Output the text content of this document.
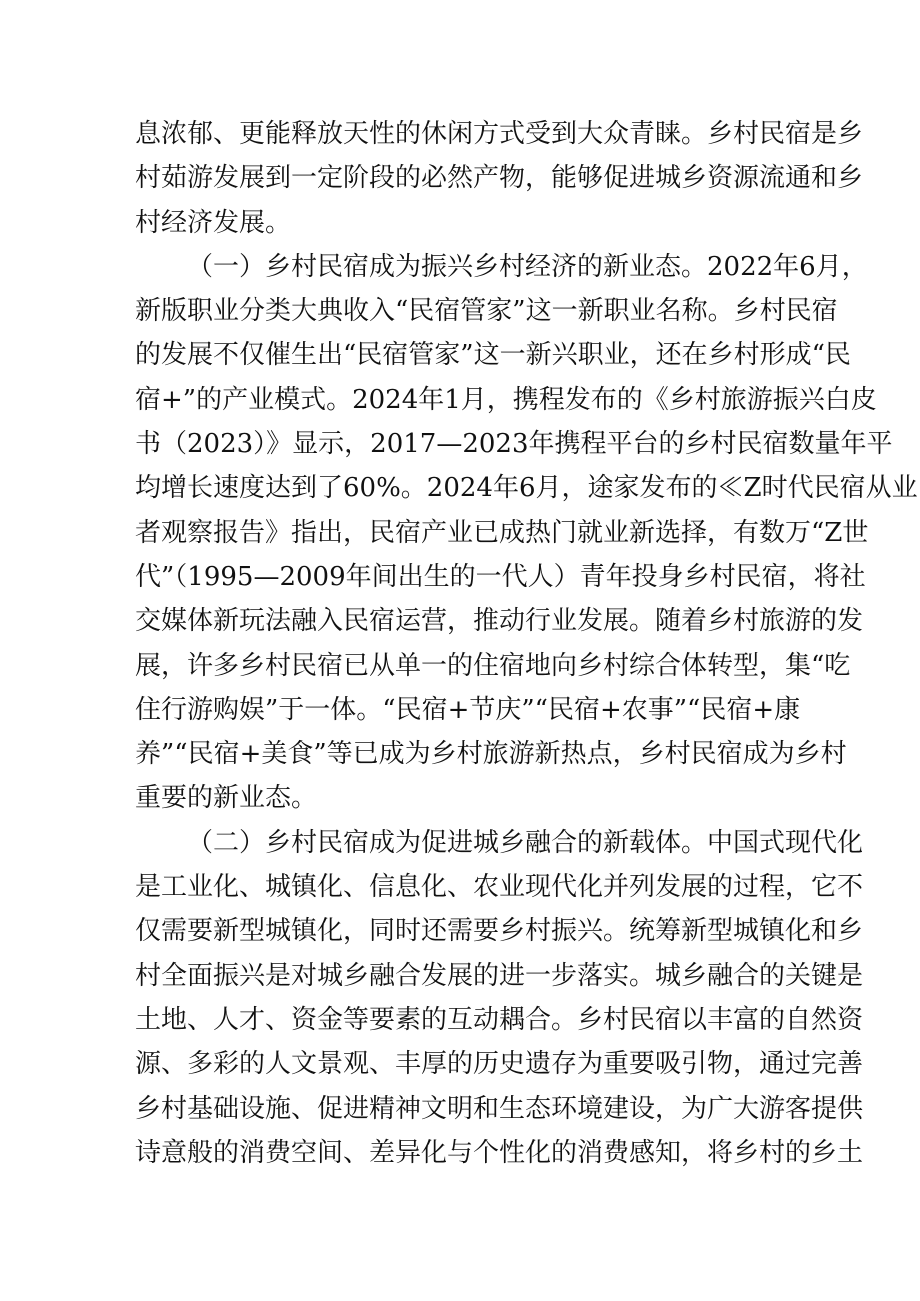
息浓郁、更能释放天性的休闲方式受到大众青睐。乡村民宿是乡
村茹游发展到一定阶段的必然产物，能够促进城乡资源流通和乡
村经济发展。
（一）乡村民宿成为振兴乡村经济的新业态。2022年6月，
新版职业分类大典收入“民宿管家”这一新职业名称。乡村民宿
的发展不仅催生出“民宿管家”这一新兴职业，还在乡村形成“民
宿+”的产业模式。2024年1月，携程发布的《乡村旅游振兴白皮
书（2023）》显示，2017—2023年携程平台的乡村民宿数量年平
均增长速度达到了60%。2024年6月，途家发布的≪Z时代民宿从业
者观察报告》指出，民宿产业已成热门就业新选择，有数万“Z世
代”（1995—2009年间出生的一代人）青年投身乡村民宿，将社
交媒体新玩法融入民宿运营，推动行业发展。随着乡村旅游的发
展，许多乡村民宿已从单一的住宿地向乡村综合体转型，集“吃
住行游购娱”于一体。“民宿+节庆”“民宿+农事”“民宿+康
养”“民宿+美食”等已成为乡村旅游新热点，乡村民宿成为乡村
重要的新业态。
（二）乡村民宿成为促进城乡融合的新载体。中国式现代化
是工业化、城镇化、信息化、农业现代化并列发展的过程，它不
仅需要新型城镇化，同时还需要乡村振兴。统筹新型城镇化和乡
村全面振兴是对城乡融合发展的进一步落实。城乡融合的关键是
土地、人才、资金等要素的互动耦合。乡村民宿以丰富的自然资
源、多彩的人文景观、丰厚的历史遗存为重要吸引物，通过完善
乡村基础设施、促进精神文明和生态环境建设，为广大游客提供
诗意般的消费空间、差异化与个性化的消费感知，将乡村的乡土
